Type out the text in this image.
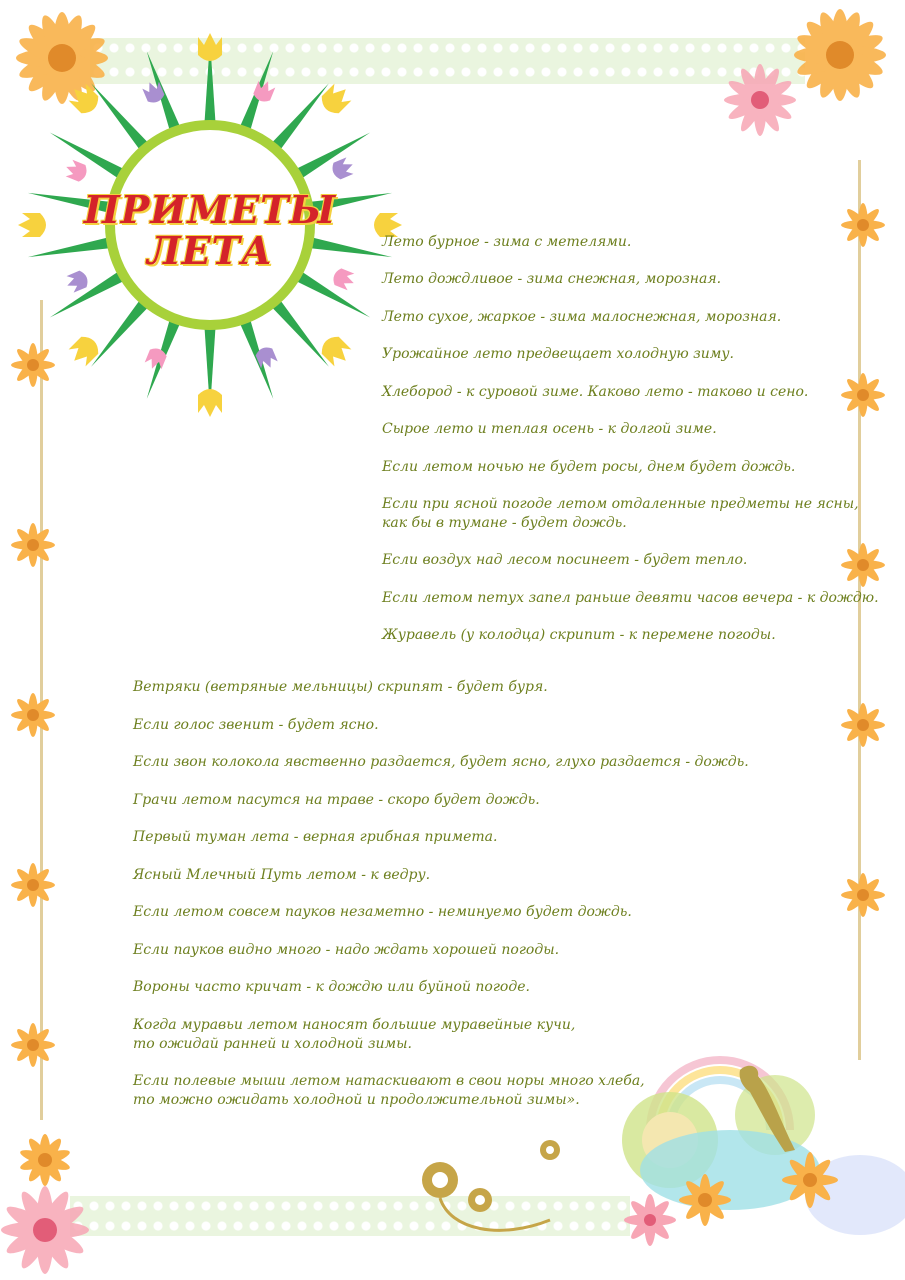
ПРИМЕТЫ
ЛЕТА	Лето бурное - зима с метелями.

Лето дождливое - зима снежная, морозная.

Лето сухое, жаркое - зима малоснежная, морозная.

Урожайное лето предвещает холодную зиму.

Хлебород - к суровой зиме. Каково лето - таково и сено.

Сырое лето и теплая осень - к долгой зиме.

Если летом ночью не будет росы, днем будет дождь.

Если при ясной погоде летом отдаленные предметы не ясны,
как бы в тумане - будет дождь.

Если воздух над лесом посинеет - будет тепло.

Если летом петух запел раньше девяти часов вечера - к дождю.

Журавель (у колодца) скрипит - к перемене погоды.

Ветряки (ветряные мельницы) скрипят - будет буря.

Если голос звенит - будет ясно.

Если звон колокола явственно раздается, будет ясно, глухо раздается - дождь.

Грачи летом пасутся на траве - скоро будет дождь.

Первый туман лета - верная грибная примета.

Ясный Млечный Путь летом - к ведру.

Если летом совсем пауков незаметно - неминуемо будет дождь.

Если пауков видно много - надо ждать хорошей погоды.

Вороны часто кричат - к дождю или буйной погоде.

Когда муравьи летом наносят большие муравейные кучи,
то ожидай ранней и холодной зимы.

Если полевые мыши летом натаскивают в свои норы много хлеба,
то можно ожидать холодной и продолжительной зимы».
